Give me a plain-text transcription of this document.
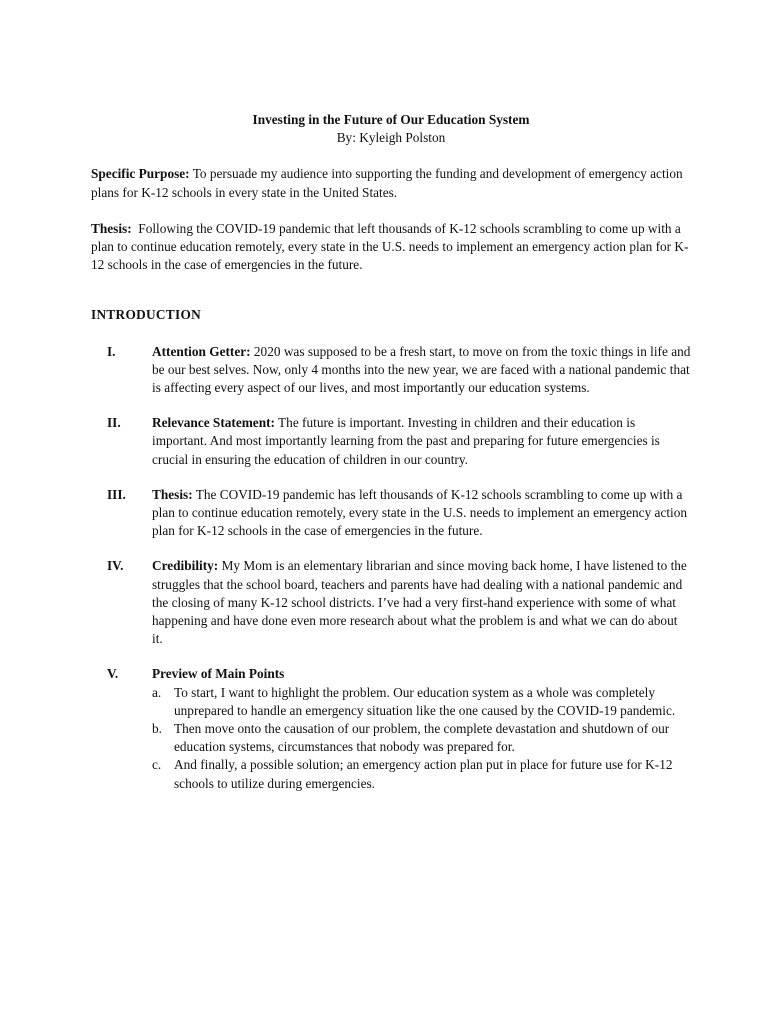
Investing in the Future of Our Education System

By: Kyleigh Polston

Specific Purpose: To persuade my audience into supporting the funding and development of emergency action plans for K-12 schools in every state in the United States.

Thesis: Following the COVID-19 pandemic that left thousands of K-12 schools scrambling to come up with a plan to continue education remotely, every state in the U.S. needs to implement an emergency action plan for K-12 schools in the case of emergencies in the future.

INTRODUCTION

I.	Attention Getter: 2020 was supposed to be a fresh start, to move on from the toxic things in life and be our best selves. Now, only 4 months into the new year, we are faced with a national pandemic that is affecting every aspect of our lives, and most importantly our education systems.
II. Relevance Statement: The future is important. Investing in children and their education is important. And most importantly learning from the past and preparing for future emergencies is crucial in ensuring the education of children in our country.
III. Thesis: The COVID-19 pandemic has left thousands of K-12 schools scrambling to come up with a plan to continue education remotely, every state in the U.S. needs to implement an emergency action plan for K-12 schools in the case of emergencies in the future.
IV. Credibility: My Mom is an elementary librarian and since moving back home, I have listened to the struggles that the school board, teachers and parents have had dealing with a national pandemic and the closing of many K-12 school districts. I’ve had a very first-hand experience with some of what happening and have done even more research about what the problem is and what we can do about it.
V.	Preview of Main Points
a. To start, I want to highlight the problem. Our education system as a whole was completely unprepared to handle an emergency situation like the one caused by the COVID-19 pandemic.
b. Then move onto the causation of our problem, the complete devastation and shutdown of our education systems, circumstances that nobody was prepared for.
c. And finally, a possible solution; an emergency action plan put in place for future use for K-12 schools to utilize during emergencies.
